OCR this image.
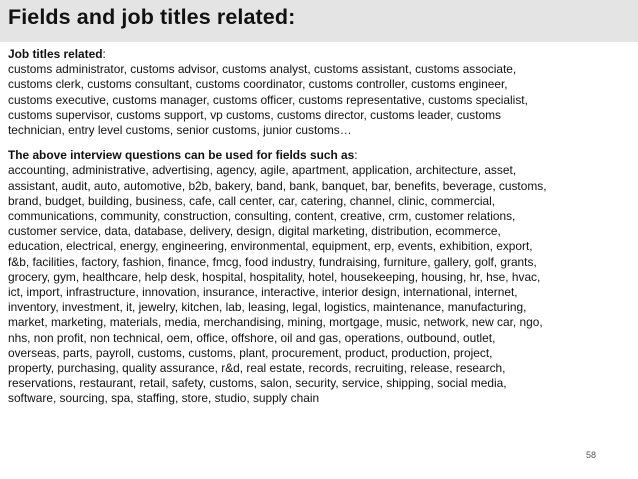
Fields and job titles related:
Job titles related:
customs administrator, customs advisor, customs analyst, customs assistant, customs associate,
customs clerk, customs consultant, customs coordinator, customs controller, customs engineer,
customs executive, customs manager, customs officer, customs representative, customs specialist,
customs supervisor, customs support, vp customs, customs director, customs leader, customs
technician, entry level customs, senior customs, junior customs…
The above interview questions can be used for fields such as:
accounting, administrative, advertising, agency, agile, apartment, application, architecture, asset,
assistant, audit, auto, automotive, b2b, bakery, band, bank, banquet, bar, benefits, beverage, customs,
brand, budget, building, business, cafe, call center, car, catering, channel, clinic, commercial,
communications, community, construction, consulting, content, creative, crm, customer relations,
customer service, data, database, delivery, design, digital marketing, distribution, ecommerce,
education, electrical, energy, engineering, environmental, equipment, erp, events, exhibition, export,
f&b, facilities, factory, fashion, finance, fmcg, food industry, fundraising, furniture, gallery, golf, grants,
grocery, gym, healthcare, help desk, hospital, hospitality, hotel, housekeeping, housing, hr, hse, hvac,
ict, import, infrastructure, innovation, insurance, interactive, interior design, international, internet,
inventory, investment, it, jewelry, kitchen, lab, leasing, legal, logistics, maintenance, manufacturing,
market, marketing, materials, media, merchandising, mining, mortgage, music, network, new car, ngo,
nhs, non profit, non technical, oem, office, offshore, oil and gas, operations, outbound, outlet,
overseas, parts, payroll, customs, customs, plant, procurement, product, production, project,
property, purchasing, quality assurance, r&d, real estate, records, recruiting, release, research,
reservations, restaurant, retail, safety, customs, salon, security, service, shipping, social media,
software, sourcing, spa, staffing, store, studio, supply chain
58
